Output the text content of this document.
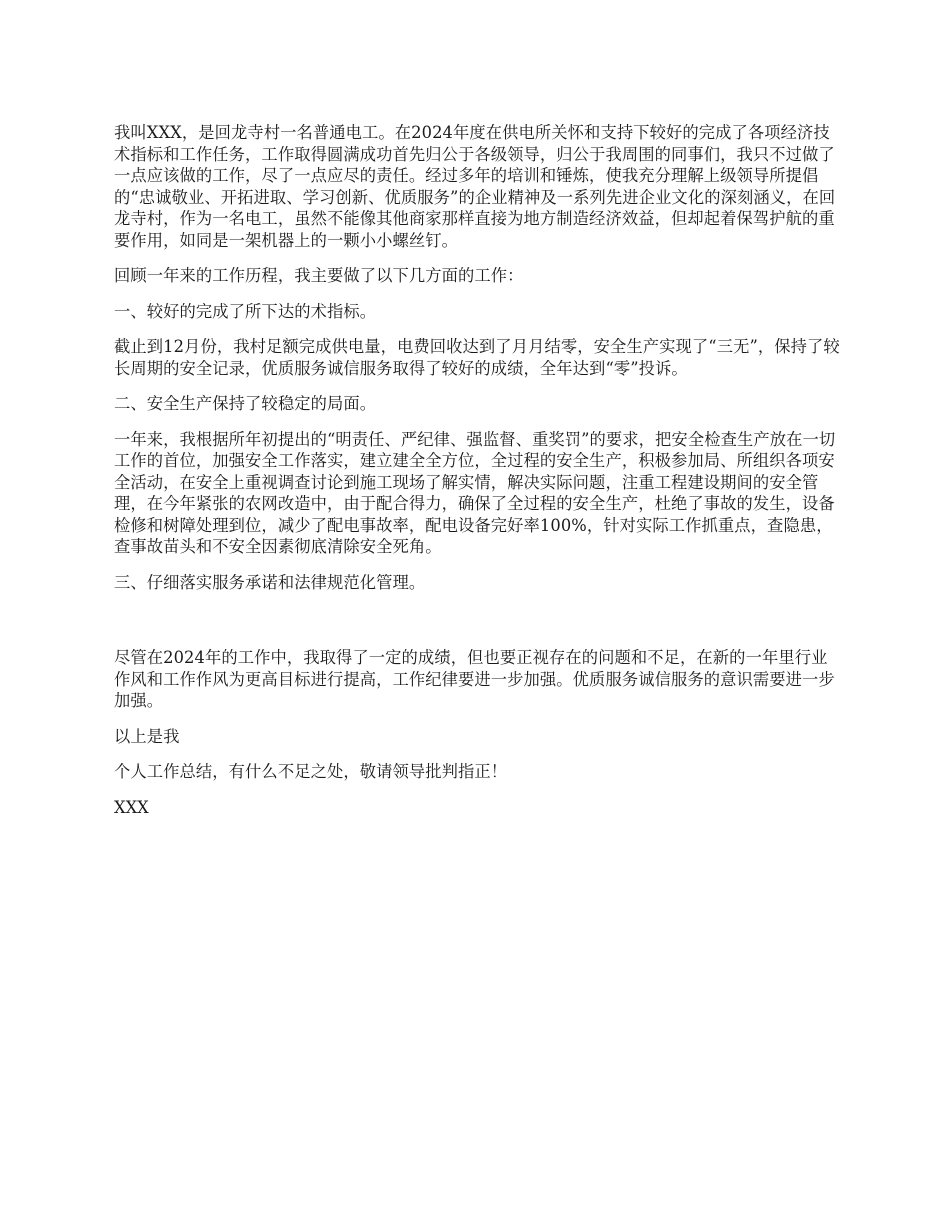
我叫XXX，是回龙寺村一名普通电工。在2024年度在供电所关怀和支持下较好的完成了各项经济技术指标和工作任务，工作取得圆满成功首先归公于各级领导，归公于我周围的同事们，我只不过做了一点应该做的工作，尽了一点应尽的责任。经过多年的培训和锤炼，使我充分理解上级领导所提倡的“忠诚敬业、开拓进取、学习创新、优质服务”的企业精神及一系列先进企业文化的深刻涵义，在回龙寺村，作为一名电工，虽然不能像其他商家那样直接为地方制造经济效益，但却起着保驾护航的重要作用，如同是一架机器上的一颗小小螺丝钉。

回顾一年来的工作历程，我主要做了以下几方面的工作：

一、较好的完成了所下达的术指标。

截止到12月份，我村足额完成供电量，电费回收达到了月月结零，安全生产实现了“三无”，保持了较长周期的安全记录，优质服务诚信服务取得了较好的成绩，全年达到“零”投诉。

二、安全生产保持了较稳定的局面。

一年来，我根据所年初提出的“明责任、严纪律、强监督、重奖罚”的要求，把安全检查生产放在一切工作的首位，加强安全工作落实，建立建全全方位，全过程的安全生产，积极参加局、所组织各项安全活动，在安全上重视调查讨论到施工现场了解实情，解决实际问题，注重工程建设期间的安全管理，在今年紧张的农网改造中，由于配合得力，确保了全过程的安全生产，杜绝了事故的发生，设备检修和树障处理到位，减少了配电事故率，配电设备完好率100%，针对实际工作抓重点，查隐患，查事故苗头和不安全因素彻底清除安全死角。

三、仔细落实服务承诺和法律规范化管理。

尽管在2024年的工作中，我取得了一定的成绩，但也要正视存在的问题和不足，在新的一年里行业作风和工作作风为更高目标进行提高，工作纪律要进一步加强。优质服务诚信服务的意识需要进一步加强。

以上是我

个人工作总结，有什么不足之处，敬请领导批判指正！

XXX
